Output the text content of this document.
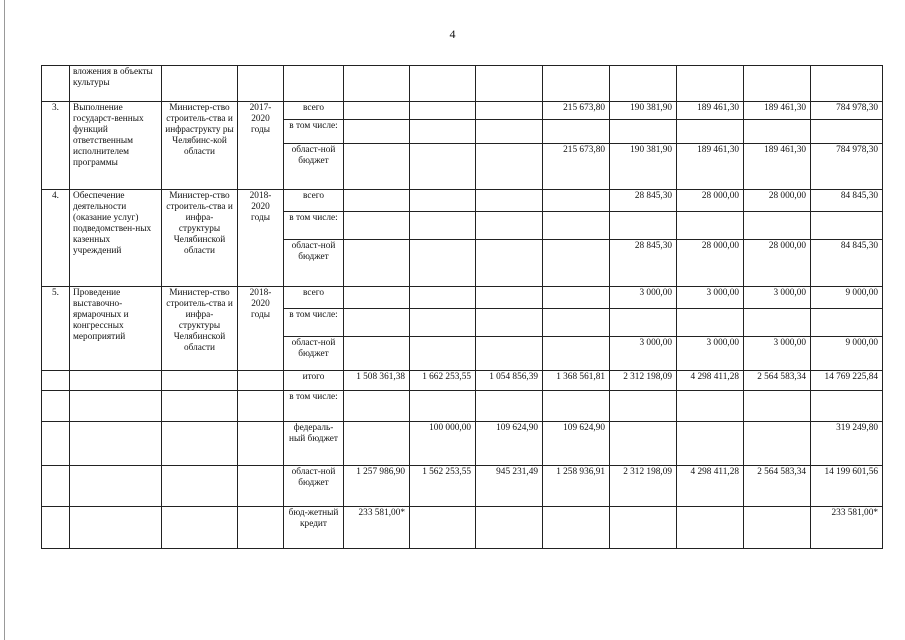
4
	вложения в объекты культуры											
3.	Выполнение государст-венных функций ответственным исполнителем программы	Министер-ство строитель-ства и инфраструкту ры Челябинс-кой области	2017-2020 годы	всего				215 673,80	190 381,90	189 461,30	189 461,30	784 978,30
				в том числе:								
				област-ной бюджет				215 673,80	190 381,90	189 461,30	189 461,30	784 978,30
4.	Обеспечение деятельности (оказание услуг) подведомствен-ных казенных учреждений	Министер-ство строитель-ства и инфра-структуры Челябинской области	2018-2020 годы	всего					28 845,30	28 000,00	28 000,00	84 845,30
				в том числе:								
				област-ной бюджет					28 845,30	28 000,00	28 000,00	84 845,30
5.	Проведение выставочно-ярмарочных и конгрессных мероприятий	Министер-ство строитель-ства и инфра-структуры Челябинской области	2018-2020 годы	всего					3 000,00	3 000,00	3 000,00	9 000,00
				в том числе:								
				област-ной бюджет					3 000,00	3 000,00	3 000,00	9 000,00
				итого	1 508 361,38	1 662 253,55	1 054 856,39	1 368 561,81	2 312 198,09	4 298 411,28	2 564 583,34	14 769 225,84
				в том числе:								
				федераль-ный бюджет		100 000,00	109 624,90	109 624,90				319 249,80
				област-ной бюджет	1 257 986,90	1 562 253,55	945 231,49	1 258 936,91	2 312 198,09	4 298 411,28	2 564 583,34	14 199 601,56
				бюд-жетный кредит	233 581,00*							233 581,00*
